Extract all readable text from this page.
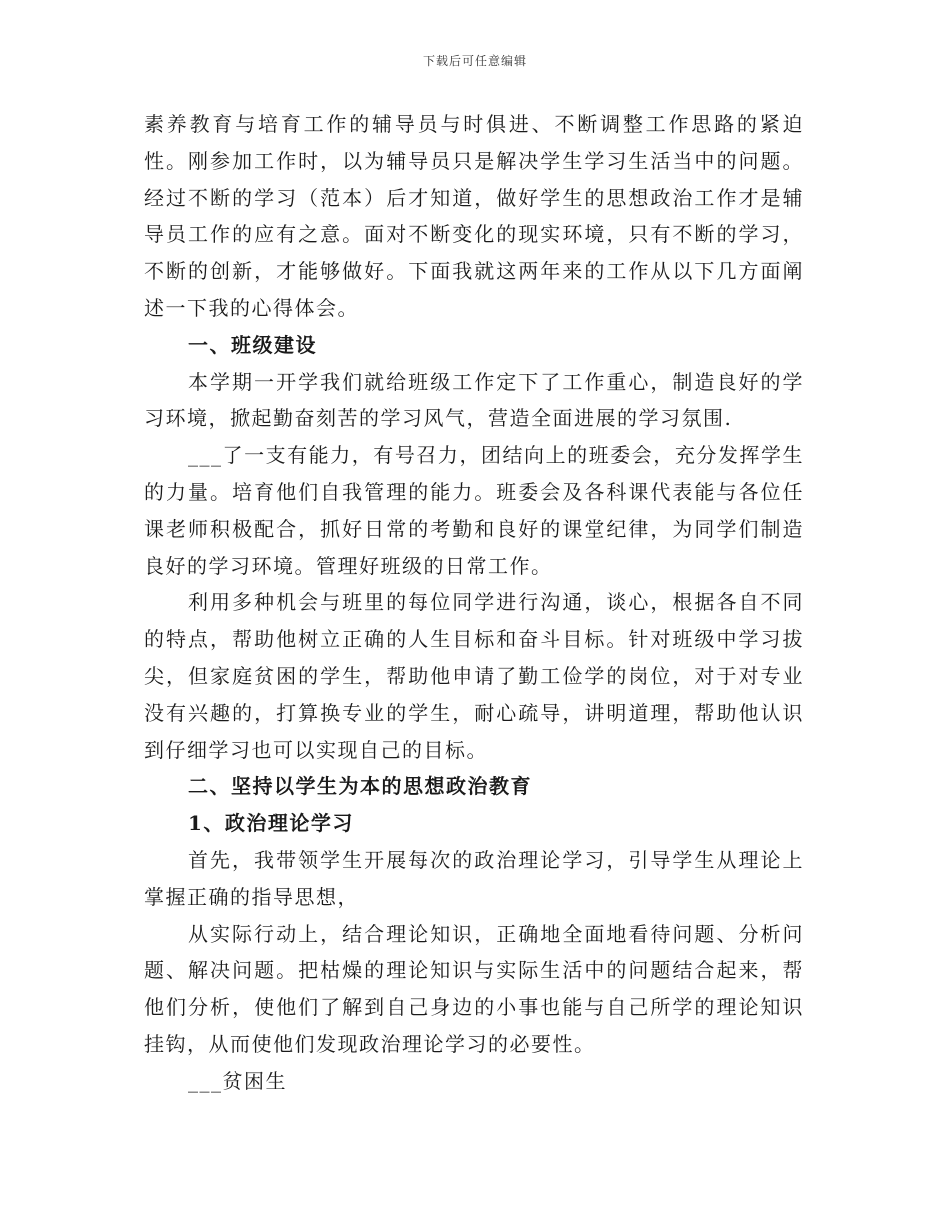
下载后可任意编辑

素养教育与培育工作的辅导员与时俱进、不断调整工作思路的紧迫性。刚参加工作时，以为辅导员只是解决学生学习生活当中的问题。经过不断的学习（范本）后才知道，做好学生的思想政治工作才是辅导员工作的应有之意。面对不断变化的现实环境，只有不断的学习，不断的创新，才能够做好。下面我就这两年来的工作从以下几方面阐述一下我的心得体会。

一、班级建设

本学期一开学我们就给班级工作定下了工作重心，制造良好的学习环境，掀起勤奋刻苦的学习风气，营造全面进展的学习氛围.

___了一支有能力，有号召力，团结向上的班委会，充分发挥学生的力量。培育他们自我管理的能力。班委会及各科课代表能与各位任课老师积极配合，抓好日常的考勤和良好的课堂纪律，为同学们制造良好的学习环境。管理好班级的日常工作。

利用多种机会与班里的每位同学进行沟通，谈心，根据各自不同的特点，帮助他树立正确的人生目标和奋斗目标。针对班级中学习拔尖，但家庭贫困的学生，帮助他申请了勤工俭学的岗位，对于对专业没有兴趣的，打算换专业的学生，耐心疏导，讲明道理，帮助他认识到仔细学习也可以实现自己的目标。

二、坚持以学生为本的思想政治教育

1、政治理论学习

首先，我带领学生开展每次的政治理论学习，引导学生从理论上掌握正确的指导思想，

从实际行动上，结合理论知识，正确地全面地看待问题、分析问题、解决问题。把枯燥的理论知识与实际生活中的问题结合起来，帮他们分析，使他们了解到自己身边的小事也能与自己所学的理论知识挂钩，从而使他们发现政治理论学习的必要性。

___贫困生
